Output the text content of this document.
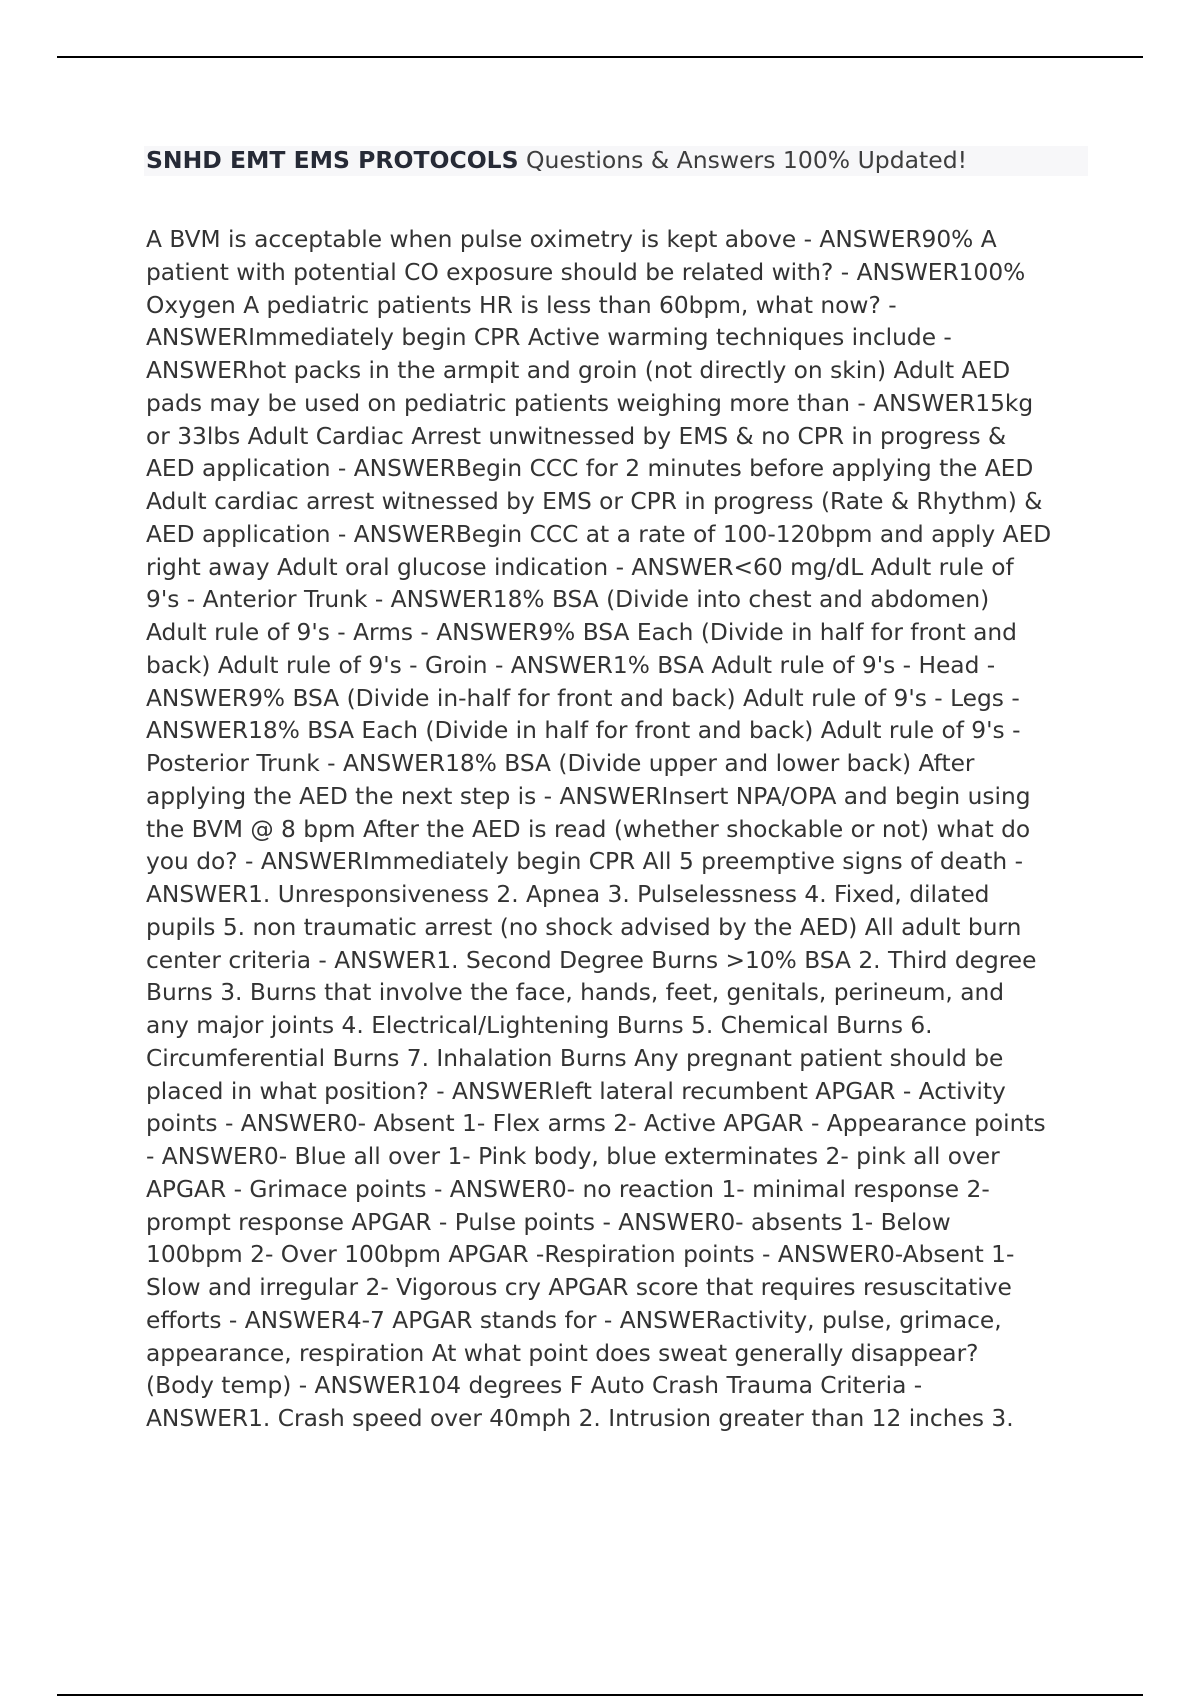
SNHD EMT EMS PROTOCOLS Questions & Answers 100% Updated!
A BVM is acceptable when pulse oximetry is kept above - ANSWER90% A
patient with potential CO exposure should be related with? - ANSWER100%
Oxygen A pediatric patients HR is less than 60bpm, what now? -
ANSWERImmediately begin CPR Active warming techniques include -
ANSWERhot packs in the armpit and groin (not directly on skin) Adult AED
pads may be used on pediatric patients weighing more than - ANSWER15kg
or 33lbs Adult Cardiac Arrest unwitnessed by EMS & no CPR in progress &
AED application - ANSWERBegin CCC for 2 minutes before applying the AED
Adult cardiac arrest witnessed by EMS or CPR in progress (Rate & Rhythm) &
AED application - ANSWERBegin CCC at a rate of 100-120bpm and apply AED
right away Adult oral glucose indication - ANSWER<60 mg/dL Adult rule of
9's - Anterior Trunk - ANSWER18% BSA (Divide into chest and abdomen)
Adult rule of 9's - Arms - ANSWER9% BSA Each (Divide in half for front and
back) Adult rule of 9's - Groin - ANSWER1% BSA Adult rule of 9's - Head -
ANSWER9% BSA (Divide in-half for front and back) Adult rule of 9's - Legs -
ANSWER18% BSA Each (Divide in half for front and back) Adult rule of 9's -
Posterior Trunk - ANSWER18% BSA (Divide upper and lower back) After
applying the AED the next step is - ANSWERInsert NPA/OPA and begin using
the BVM @ 8 bpm After the AED is read (whether shockable or not) what do
you do? - ANSWERImmediately begin CPR All 5 preemptive signs of death -
ANSWER1. Unresponsiveness 2. Apnea 3. Pulselessness 4. Fixed, dilated
pupils 5. non traumatic arrest (no shock advised by the AED) All adult burn
center criteria - ANSWER1. Second Degree Burns >10% BSA 2. Third degree
Burns 3. Burns that involve the face, hands, feet, genitals, perineum, and
any major joints 4. Electrical/Lightening Burns 5. Chemical Burns 6.
Circumferential Burns 7. Inhalation Burns Any pregnant patient should be
placed in what position? - ANSWERleft lateral recumbent APGAR - Activity
points - ANSWER0- Absent 1- Flex arms 2- Active APGAR - Appearance points
- ANSWER0- Blue all over 1- Pink body, blue exterminates 2- pink all over
APGAR - Grimace points - ANSWER0- no reaction 1- minimal response 2-
prompt response APGAR - Pulse points - ANSWER0- absents 1- Below
100bpm 2- Over 100bpm APGAR -Respiration points - ANSWER0-Absent 1-
Slow and irregular 2- Vigorous cry APGAR score that requires resuscitative
efforts - ANSWER4-7 APGAR stands for - ANSWERactivity, pulse, grimace,
appearance, respiration At what point does sweat generally disappear?
(Body temp) - ANSWER104 degrees F Auto Crash Trauma Criteria -
ANSWER1. Crash speed over 40mph 2. Intrusion greater than 12 inches 3.
